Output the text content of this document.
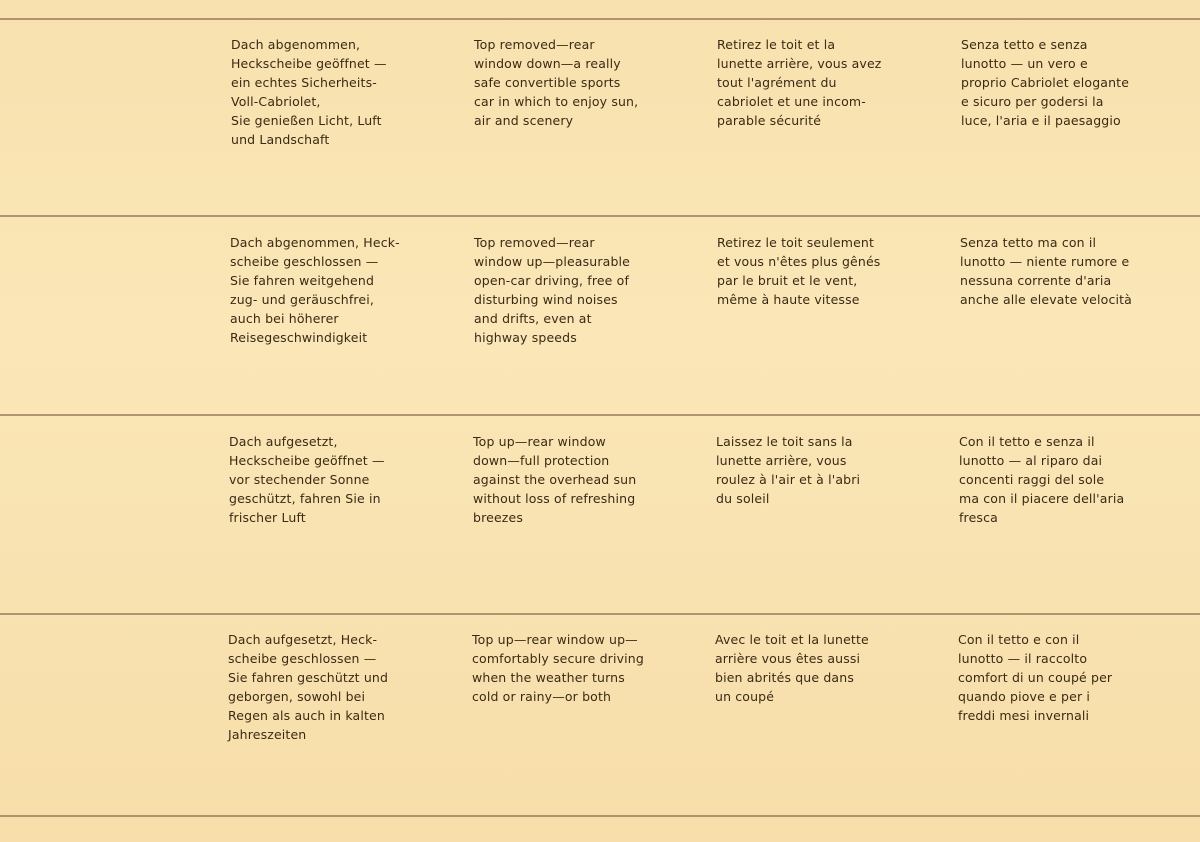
Dach abgenommen,
Heckscheibe geöffnet —
ein echtes Sicherheits-
Voll-Cabriolet,
Sie genießen Licht, Luft
und Landschaft
Top removed—rear
window down—a really
safe convertible sports
car in which to enjoy sun,
air and scenery
Retirez le toit et la
lunette arrière, vous avez
tout l'agrément du
cabriolet et une incom-
parable sécurité
Senza tetto e senza
lunotto — un vero e
proprio Cabriolet elogante
e sicuro per godersi la
luce, l'aria e il paesaggio
Dach abgenommen, Heck-
scheibe geschlossen —
Sie fahren weitgehend
zug- und geräuschfrei,
auch bei höherer
Reisegeschwindigkeit
Top removed—rear
window up—pleasurable
open-car driving, free of
disturbing wind noises
and drifts, even at
highway speeds
Retirez le toit seulement
et vous n'êtes plus gênés
par le bruit et le vent,
même à haute vitesse
Senza tetto ma con il
lunotto — niente rumore e
nessuna corrente d'aria
anche alle elevate velocità
Dach aufgesetzt,
Heckscheibe geöffnet —
vor stechender Sonne
geschützt, fahren Sie in
frischer Luft
Top up—rear window
down—full protection
against the overhead sun
without loss of refreshing
breezes
Laissez le toit sans la
lunette arrière, vous
roulez à l'air et à l'abri
du soleil
Con il tetto e senza il
lunotto — al riparo dai
concenti raggi del sole
ma con il piacere dell'aria
fresca
Dach aufgesetzt, Heck-
scheibe geschlossen —
Sie fahren geschützt und
geborgen, sowohl bei
Regen als auch in kalten
Jahreszeiten
Top up—rear window up—
comfortably secure driving
when the weather turns
cold or rainy—or both
Avec le toit et la lunette
arrière vous êtes aussi
bien abrités que dans
un coupé
Con il tetto e con il
lunotto — il raccolto
comfort di un coupé per
quando piove e per i
freddi mesi invernali
